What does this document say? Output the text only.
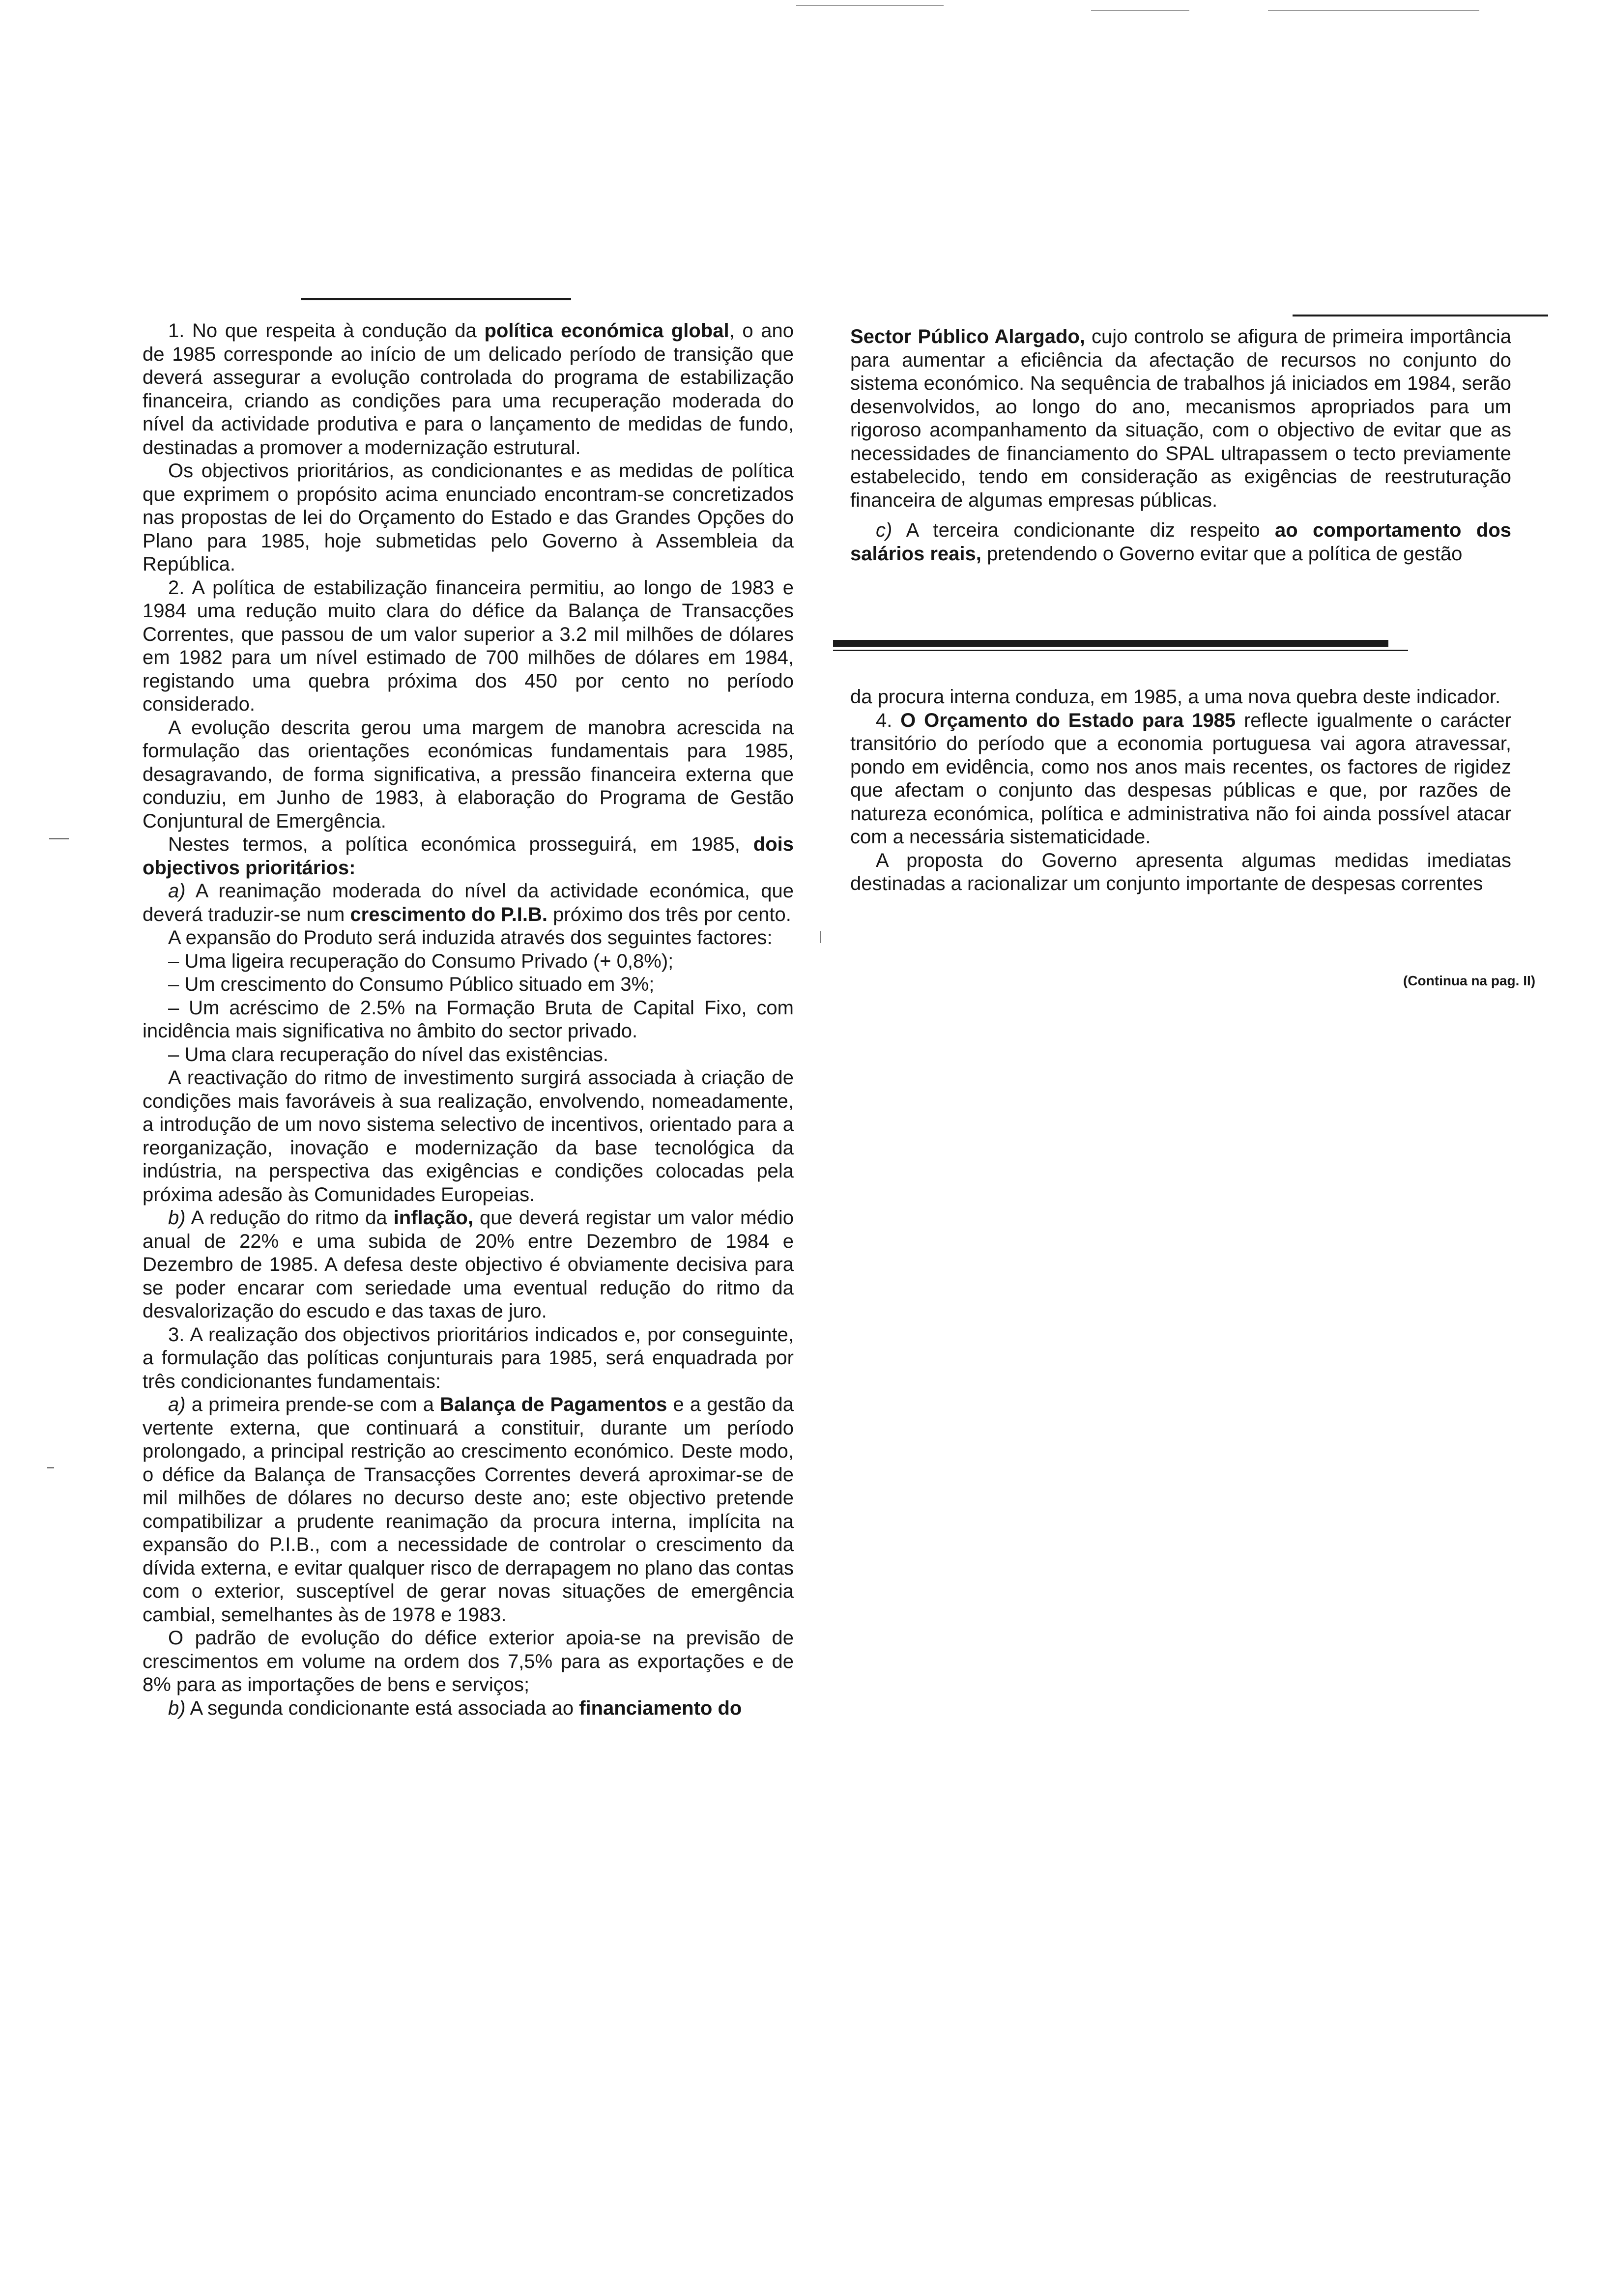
1. No que respeita à condução da política económica global, o ano de 1985 corresponde ao início de um delicado período de transição que deverá assegurar a evolução controlada do programa de estabilização financeira, criando as condições para uma recuperação moderada do nível da actividade produtiva e para o lançamento de medidas de fundo, destinadas a promover a modernização estrutural.

Os objectivos prioritários, as condicionantes e as medidas de política que exprimem o propósito acima enunciado encontram-se concretizados nas propostas de lei do Orçamento do Estado e das Grandes Opções do Plano para 1985, hoje submetidas pelo Governo à Assembleia da República.

2. A política de estabilização financeira permitiu, ao longo de 1983 e 1984 uma redução muito clara do défice da Balança de Transacções Correntes, que passou de um valor superior a 3.2 mil milhões de dólares em 1982 para um nível estimado de 700 milhões de dólares em 1984, registando uma quebra próxima dos 450 por cento no período considerado.

A evolução descrita gerou uma margem de manobra acrescida na formulação das orientações económicas fundamentais para 1985, desagravando, de forma significativa, a pressão financeira externa que conduziu, em Junho de 1983, à elaboração do Programa de Gestão Conjuntural de Emergência.

Nestes termos, a política económica prosseguirá, em 1985, dois objectivos prioritários:

a) A reanimação moderada do nível da actividade económica, que deverá traduzir-se num crescimento do P.I.B. próximo dos três por cento.

A expansão do Produto será induzida através dos seguintes factores:

– Uma ligeira recuperação do Consumo Privado (+ 0,8%);

– Um crescimento do Consumo Público situado em 3%;

– Um acréscimo de 2.5% na Formação Bruta de Capital Fixo, com incidência mais significativa no âmbito do sector privado.

– Uma clara recuperação do nível das existências.

A reactivação do ritmo de investimento surgirá associada à criação de condições mais favoráveis à sua realização, envolvendo, nomeadamente, a introdução de um novo sistema selectivo de incentivos, orientado para a reorganização, inovação e modernização da base tecnológica da indústria, na perspectiva das exigências e condições colocadas pela próxima adesão às Comunidades Europeias.

b) A redução do ritmo da inflação, que deverá registar um valor médio anual de 22% e uma subida de 20% entre Dezembro de 1984 e Dezembro de 1985. A defesa deste objectivo é obviamente decisiva para se poder encarar com seriedade uma eventual redução do ritmo da desvalorização do escudo e das taxas de juro.

3. A realização dos objectivos prioritários indicados e, por conseguinte, a formulação das políticas conjunturais para 1985, será enquadrada por três condicionantes fundamentais:

a) a primeira prende-se com a Balança de Pagamentos e a gestão da vertente externa, que continuará a constituir, durante um período prolongado, a principal restrição ao crescimento económico. Deste modo, o défice da Balança de Transacções Correntes deverá aproximar-se de mil milhões de dólares no decurso deste ano; este objectivo pretende compatibilizar a prudente reanimação da procura interna, implícita na expansão do P.I.B., com a necessidade de controlar o crescimento da dívida externa, e evitar qualquer risco de derrapagem no plano das contas com o exterior, susceptível de gerar novas situações de emergência cambial, semelhantes às de 1978 e 1983.

O padrão de evolução do défice exterior apoia-se na previsão de crescimentos em volume na ordem dos 7,5% para as exportações e de 8% para as importações de bens e serviços;

b) A segunda condicionante está associada ao financiamento do

Sector Público Alargado, cujo controlo se afigura de primeira importância para aumentar a eficiência da afectação de recursos no conjunto do sistema económico. Na sequência de trabalhos já iniciados em 1984, serão desenvolvidos, ao longo do ano, mecanismos apropriados para um rigoroso acompanhamento da situação, com o objectivo de evitar que as necessidades de financiamento do SPAL ultrapassem o tecto previamente estabelecido, tendo em consideração as exigências de reestruturação financeira de algumas empresas públicas.

c) A terceira condicionante diz respeito ao comportamento dos salários reais, pretendendo o Governo evitar que a política de gestão

da procura interna conduza, em 1985, a uma nova quebra deste indicador.

4. O Orçamento do Estado para 1985 reflecte igualmente o carácter transitório do período que a economia portuguesa vai agora atravessar, pondo em evidência, como nos anos mais recentes, os factores de rigidez que afectam o conjunto das despesas públicas e que, por razões de natureza económica, política e administrativa não foi ainda possível atacar com a necessária sistematicidade.

A proposta do Governo apresenta algumas medidas imediatas destinadas a racionalizar um conjunto importante de despesas correntes

(Continua na pag. II)
